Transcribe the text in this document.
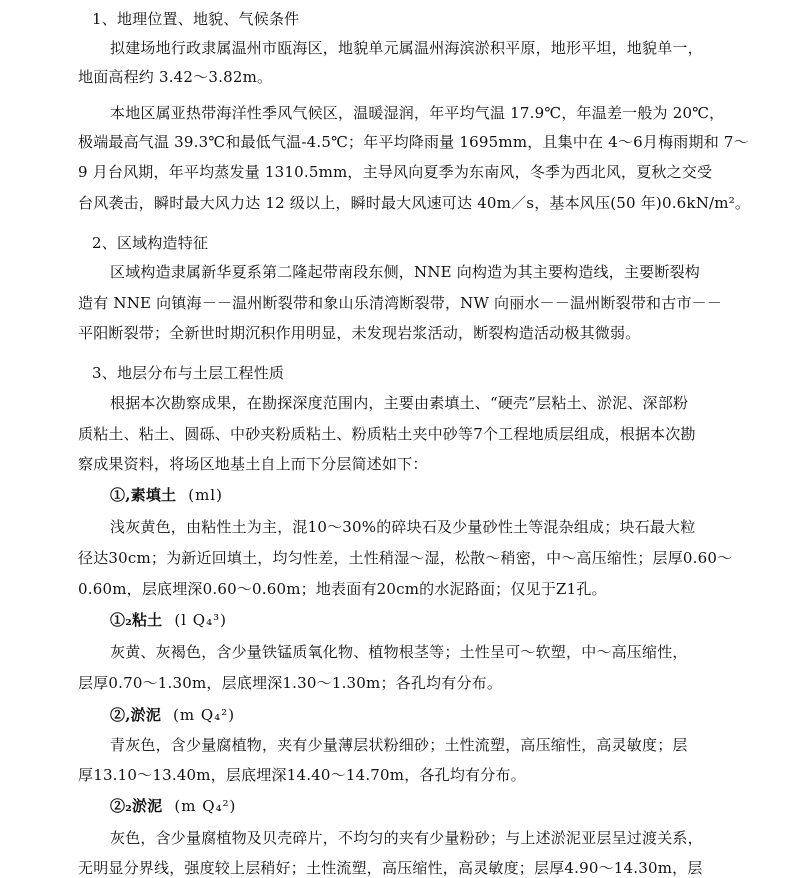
1、地理位置、地貌、气候条件
拟建场地行政隶属温州市瓯海区，地貌单元属温州海滨淤积平原，地形平坦，地貌单一，
地面高程约 3.42～3.82m。
本地区属亚热带海洋性季风气候区，温暖湿润，年平均气温 17.9℃，年温差一般为 20℃，
极端最高气温 39.3℃和最低气温-4.5℃；年平均降雨量 1695mm，且集中在 4～6月梅雨期和 7～
9 月台风期，年平均蒸发量 1310.5mm，主导风向夏季为东南风，冬季为西北风，夏秋之交受
台风袭击，瞬时最大风力达 12 级以上，瞬时最大风速可达 40m／s，基本风压(50 年)0.6kN/m²。
2、区域构造特征
区域构造隶属新华夏系第二隆起带南段东侧，NNE 向构造为其主要构造线，主要断裂构
造有 NNE 向镇海－－温州断裂带和象山乐清湾断裂带，NW 向丽水－－温州断裂带和古市－－
平阳断裂带；全新世时期沉积作用明显，未发现岩浆活动，断裂构造活动极其微弱。
3、地层分布与土层工程性质
根据本次勘察成果，在勘探深度范围内，主要由素填土、“硬壳”层粘土、淤泥、深部粉
质粘土、粘土、圆砾、中砂夹粉质粘土、粉质粘土夹中砂等7个工程地质层组成，根据本次勘
察成果资料，将场区地基土自上而下分层简述如下：
①,素填土 (ml)
浅灰黄色，由粘性土为主，混10～30%的碎块石及少量砂性土等混杂组成；块石最大粒
径达30cm；为新近回填土，均匀性差，土性稍湿～湿，松散～稍密，中～高压缩性；层厚0.60～
0.60m，层底埋深0.60～0.60m；地表面有20cm的水泥路面；仅见于Z1孔。
①₂粘土 (l Q₄³)
灰黄、灰褐色，含少量铁锰质氧化物、植物根茎等；土性呈可～软塑，中～高压缩性，
层厚0.70～1.30m，层底埋深1.30～1.30m；各孔均有分布。
②,淤泥 (m Q₄²)
青灰色，含少量腐植物，夹有少量薄层状粉细砂；土性流塑，高压缩性，高灵敏度；层
厚13.10～13.40m，层底埋深14.40～14.70m，各孔均有分布。
②₂淤泥 (m Q₄²)
灰色，含少量腐植物及贝壳碎片，不均匀的夹有少量粉砂；与上述淤泥亚层呈过渡关系，
无明显分界线，强度较上层稍好；土性流塑，高压缩性，高灵敏度；层厚4.90～14.30m，层
